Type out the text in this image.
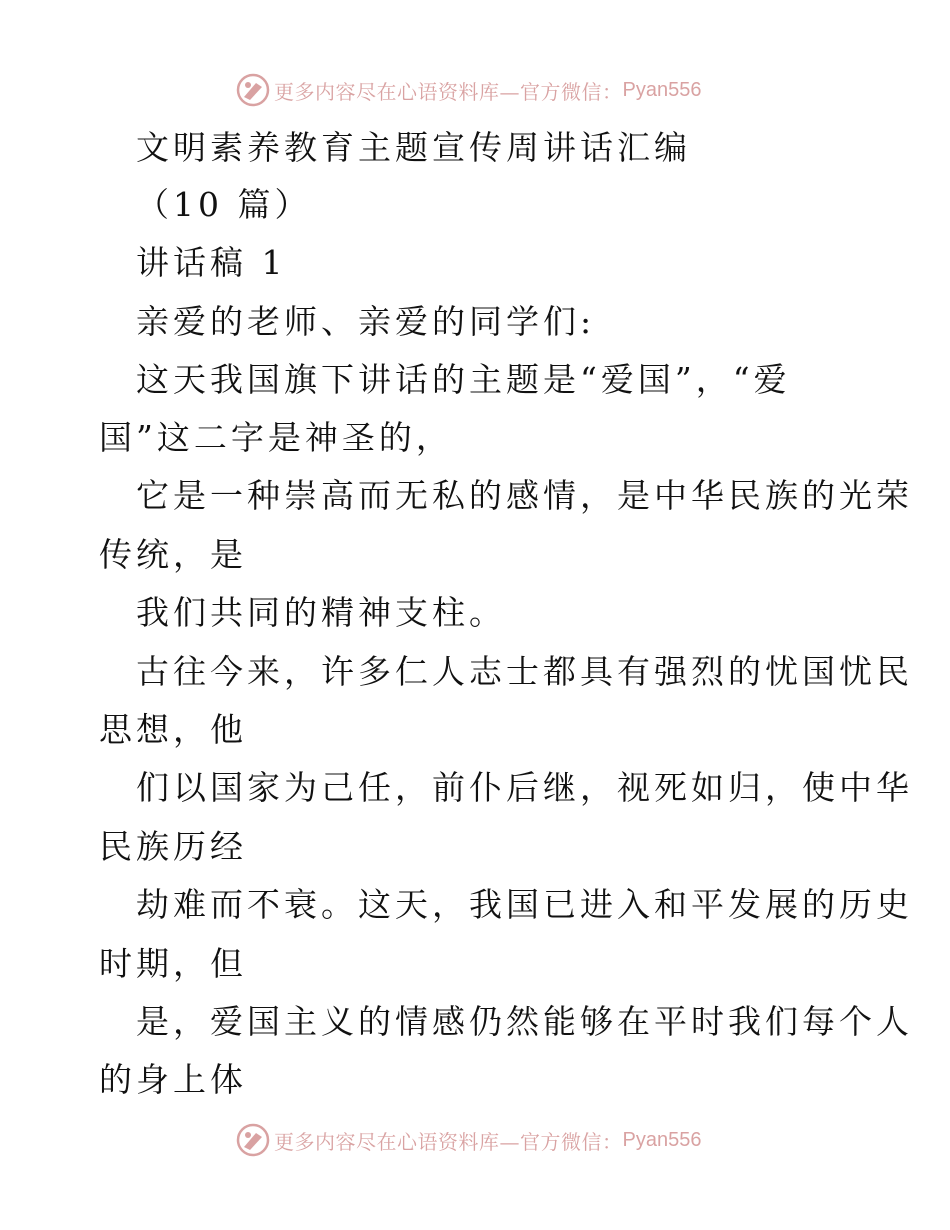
更多内容尽在心语资料库—官方微信： Pyan556
文明素养教育主题宣传周讲话汇编
（10 篇）
讲话稿 1
亲爱的老师、亲爱的同学们:
这天我国旗下讲话的主题是“爱国”，“爱
国”这二字是神圣的，
它是一种崇高而无私的感情，是中华民族的光荣
传统，是
我们共同的精神支柱。
古往今来，许多仁人志士都具有强烈的忧国忧民
思想，他
们以国家为己任，前仆后继，视死如归，使中华
民族历经
劫难而不衰。这天，我国已进入和平发展的历史
时期，但
是，爱国主义的情感仍然能够在平时我们每个人
的身上体
更多内容尽在心语资料库—官方微信： Pyan556
